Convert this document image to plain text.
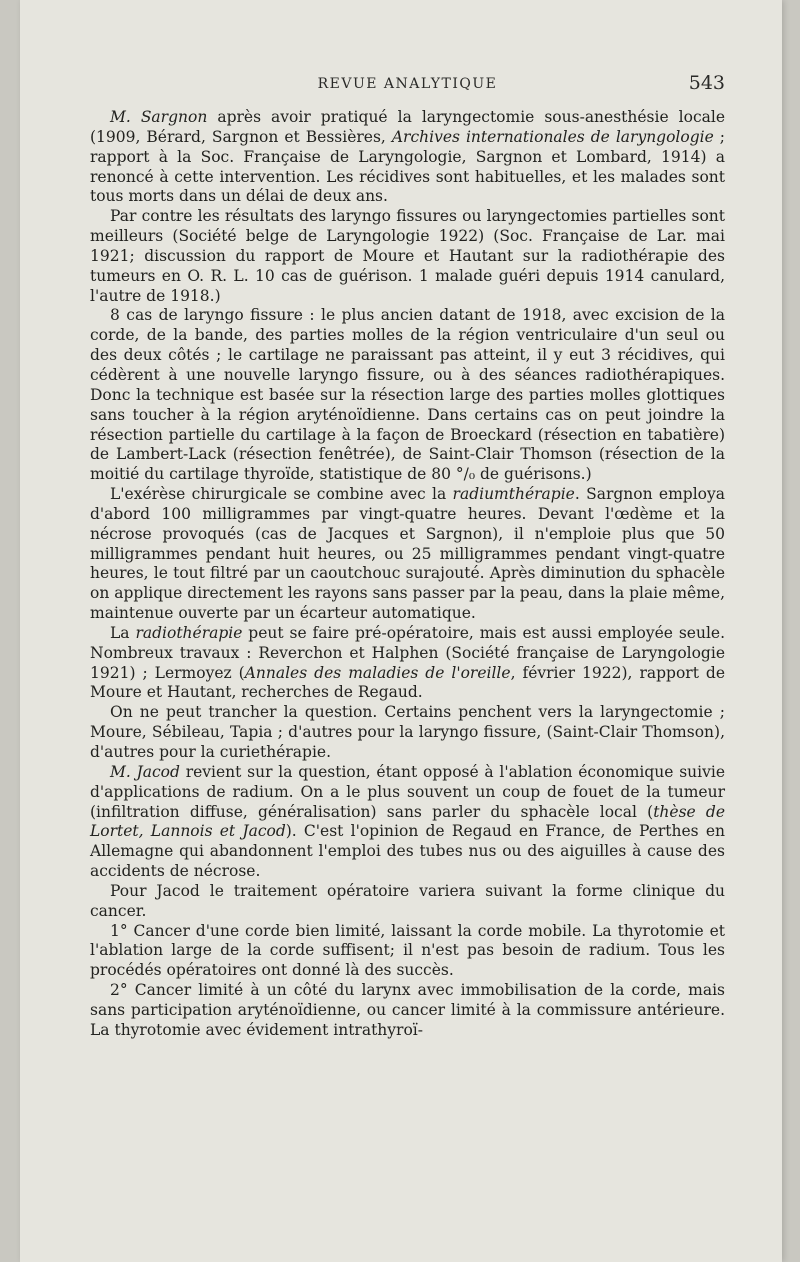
REVUE ANALYTIQUE	543

M. Sargnon après avoir pratiqué la laryngectomie sous-anesthésie locale (1909, Bérard, Sargnon et Bessières, Archives internationales de laryngologie ; rapport à la Soc. Française de Laryngologie, Sargnon et Lombard, 1914) a renoncé à cette intervention. Les récidives sont habituelles, et les malades sont tous morts dans un délai de deux ans.

Par contre les résultats des laryngo fissures ou laryngectomies partielles sont meilleurs (Société belge de Laryngologie 1922) (Soc. Française de Lar. mai 1921; discussion du rapport de Moure et Hautant sur la radiothérapie des tumeurs en O. R. L. 10 cas de guérison. 1 malade guéri depuis 1914 canulard, l'autre de 1918.)

8 cas de laryngo fissure : le plus ancien datant de 1918, avec excision de la corde, de la bande, des parties molles de la région ventriculaire d'un seul ou des deux côtés ; le cartilage ne paraissant pas atteint, il y eut 3 récidives, qui cédèrent à une nouvelle laryngo fissure, ou à des séances radiothérapiques. Donc la technique est basée sur la résection large des parties molles glottiques sans toucher à la région aryténoïdienne. Dans certains cas on peut joindre la résection partielle du cartilage à la façon de Broeckard (résection en tabatière) de Lambert-Lack (résection fenêtrée), de Saint-Clair Thomson (résection de la moitié du cartilage thyroïde, statistique de 80 °/₀ de guérisons.)

L'exérèse chirurgicale se combine avec la radiumthérapie. Sargnon employa d'abord 100 milligrammes par vingt-quatre heures. Devant l'œdème et la nécrose provoqués (cas de Jacques et Sargnon), il n'emploie plus que 50 milligrammes pendant huit heures, ou 25 milligrammes pendant vingt-quatre heures, le tout filtré par un caoutchouc surajouté. Après diminution du sphacèle on applique directement les rayons sans passer par la peau, dans la plaie même, maintenue ouverte par un écarteur automatique.

La radiothérapie peut se faire pré-opératoire, mais est aussi employée seule. Nombreux travaux : Reverchon et Halphen (Société française de Laryngologie 1921) ; Lermoyez (Annales des maladies de l'oreille, février 1922), rapport de Moure et Hautant, recherches de Regaud.

On ne peut trancher la question. Certains penchent vers la laryngectomie ; Moure, Sébileau, Tapia ; d'autres pour la laryngo fissure, (Saint-Clair Thomson), d'autres pour la curiethérapie.

M. Jacod revient sur la question, étant opposé à l'ablation économique suivie d'applications de radium. On a le plus souvent un coup de fouet de la tumeur (infiltration diffuse, généralisation) sans parler du sphacèle local (thèse de Lortet, Lannois et Jacod). C'est l'opinion de Regaud en France, de Perthes en Allemagne qui abandonnent l'emploi des tubes nus ou des aiguilles à cause des accidents de nécrose.

Pour Jacod le traitement opératoire variera suivant la forme clinique du cancer.

1° Cancer d'une corde bien limité, laissant la corde mobile. La thyrotomie et l'ablation large de la corde suffisent; il n'est pas besoin de radium. Tous les procédés opératoires ont donné là des succès.

2° Cancer limité à un côté du larynx avec immobilisation de la corde, mais sans participation aryténoïdienne, ou cancer limité à la commissure antérieure. La thyrotomie avec évidement intrathyroï-
